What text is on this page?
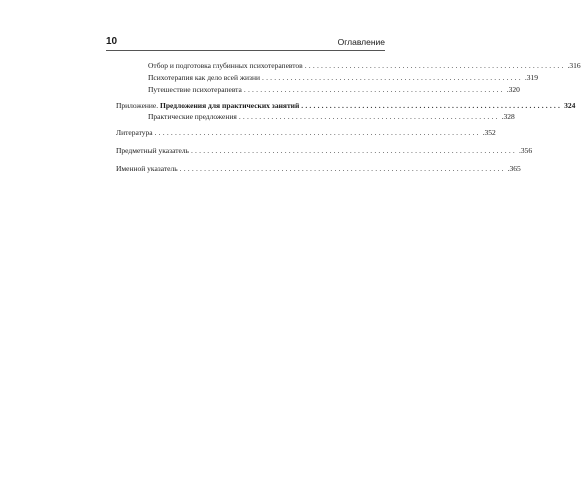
10	Оглавление
Отбор и подготовка глубинных психотерапевтов ................................................................ .316
Психотерапия как дело всей жизни ................................................................ .319
Путешествие психотерапевта ................................................................ .320
Приложение. Предложения для практических занятий ................................................................ 324
Практические предложения ................................................................ .328
Литература ................................................................................ .352
Предметный указатель ................................................................................ .356
Именной указатель ................................................................................ .365
